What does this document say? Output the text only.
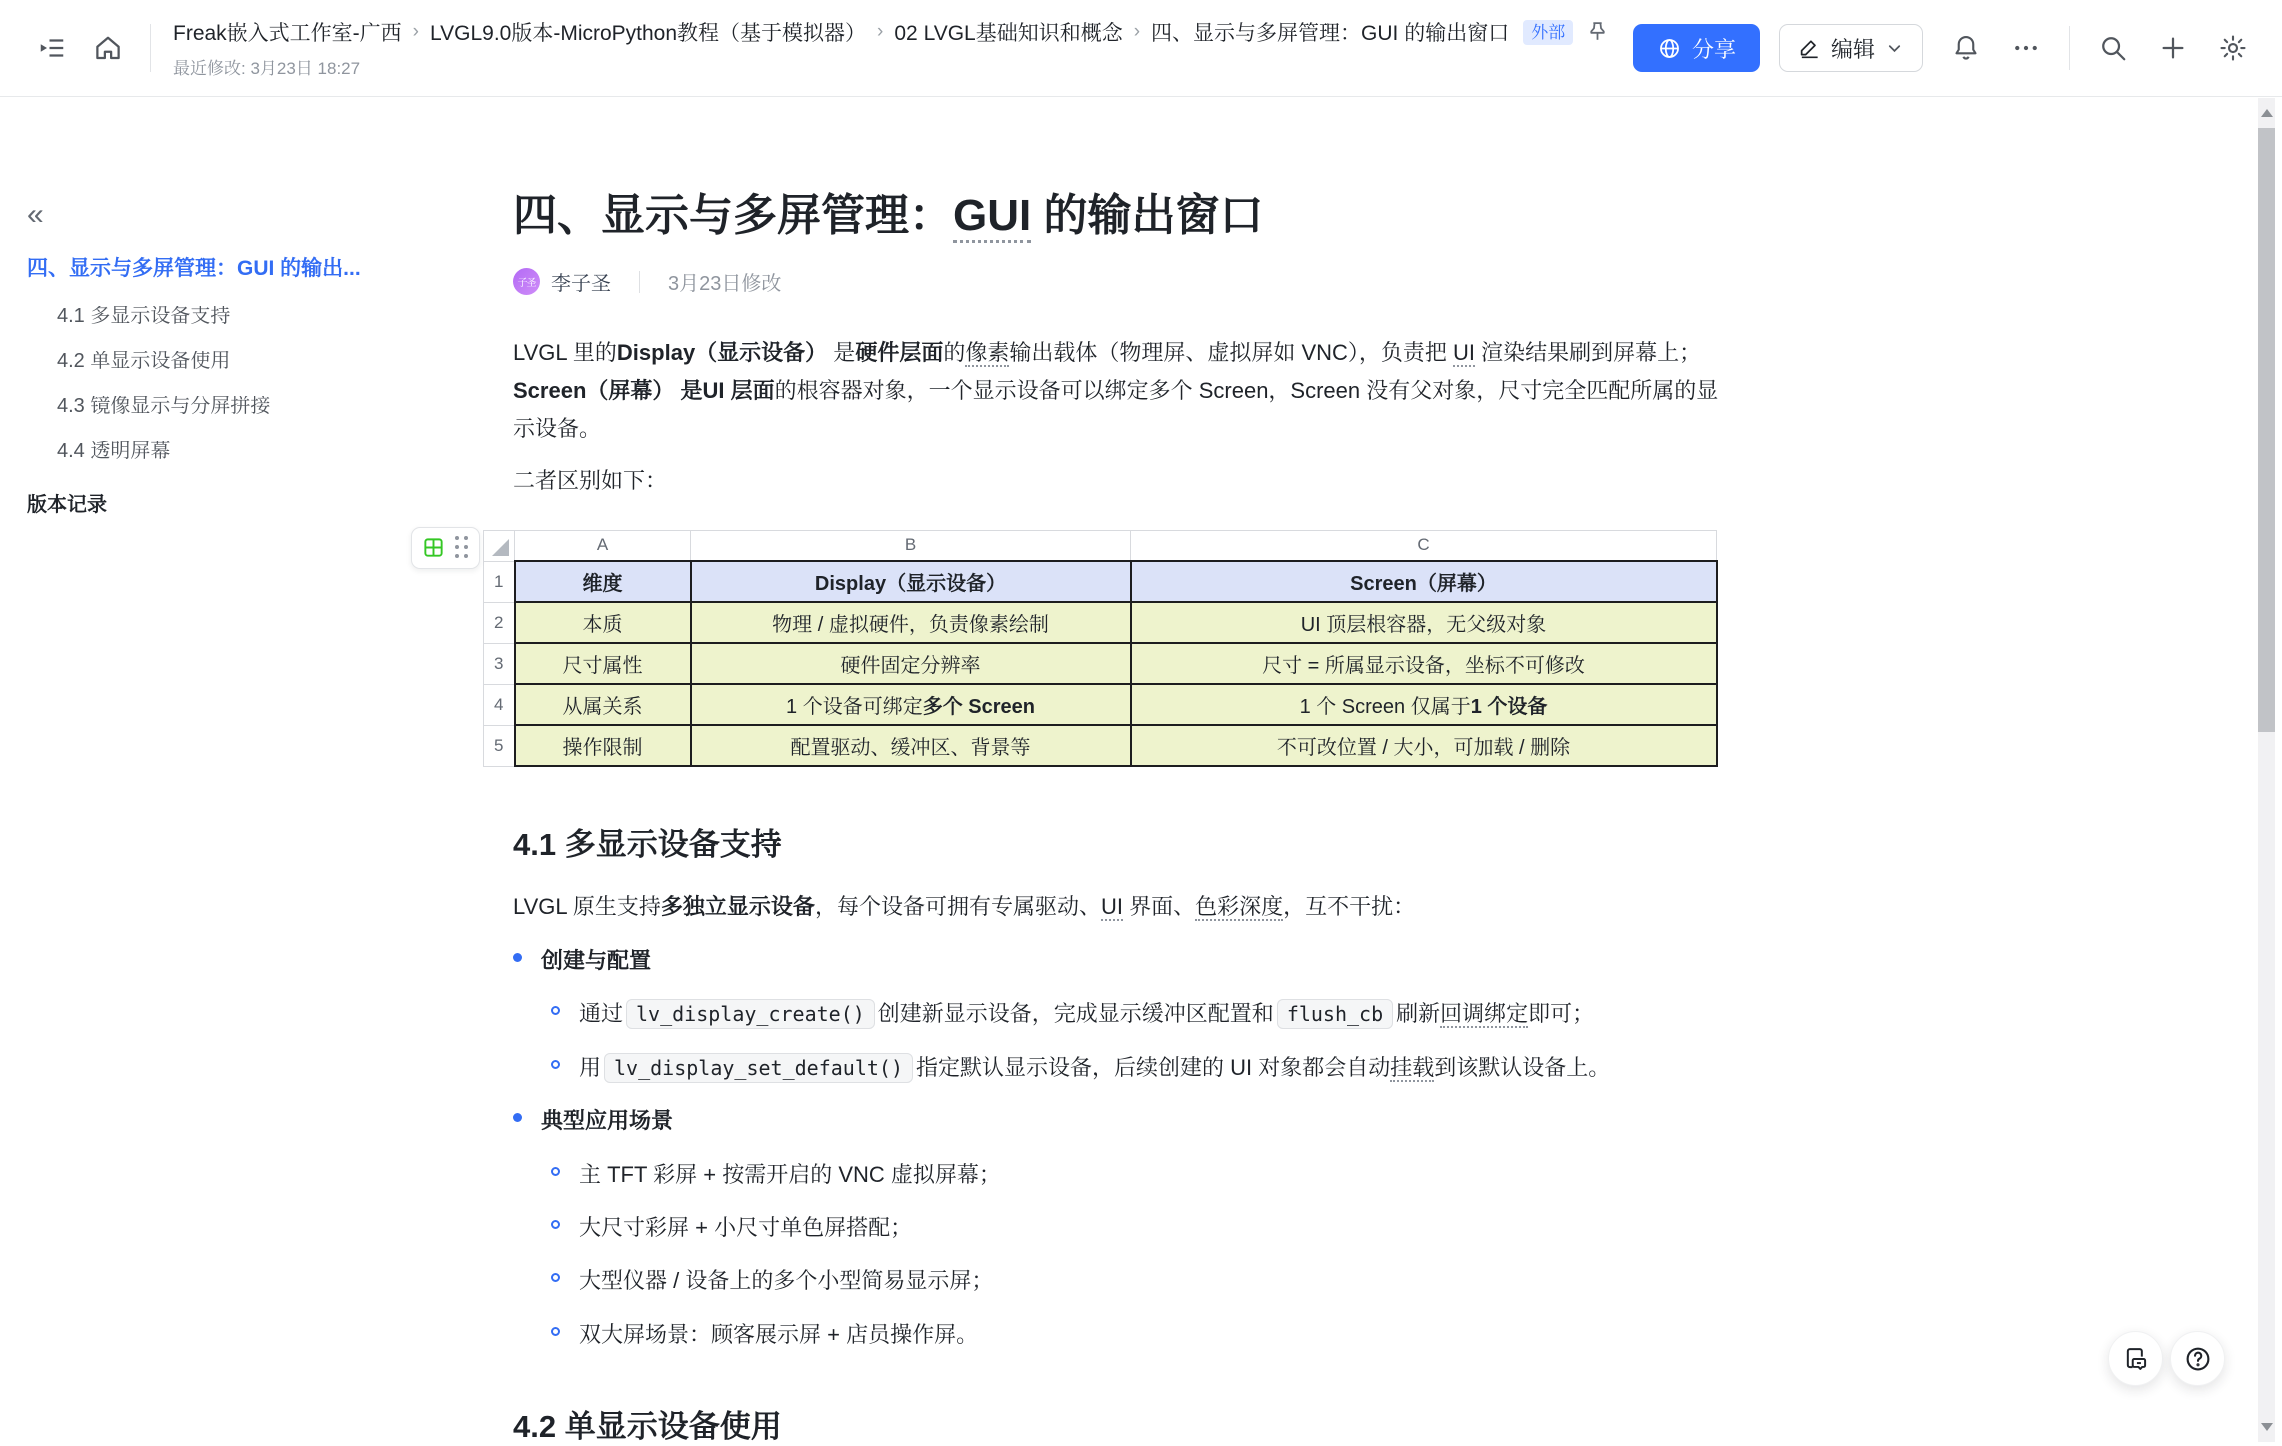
Freak嵌入式工作室-广西 › LVGL9.0版本-MicroPython教程（基于模拟器） › 02 LVGL基础知识和概念 › 四、显示与多屏管理：GUI 的输出窗口	外部
最近修改: 3月23日 18:27
分享	编辑
«
四、显示与多屏管理：GUI 的输出...
4.1 多显示设备支持
4.2 单显示设备使用
4.3 镜像显示与分屏拼接
4.4 透明屏幕
版本记录
四、显示与多屏管理：GUI 的输出窗口
子圣 李子圣	3月23日修改

LVGL 里的Display（显示设备） 是硬件层面的像素输出载体（物理屏、虚拟屏如 VNC），负责把 UI 渲染结果刷到屏幕上；Screen（屏幕） 是UI 层面的根容器对象，一个显示设备可以绑定多个 Screen，Screen 没有父对象，尺寸完全匹配所属的显示设备。

二者区别如下：

	A	B	C
1	维度	Display（显示设备）	Screen（屏幕）
2	本质	物理 / 虚拟硬件，负责像素绘制	UI 顶层根容器，无父级对象
3	尺寸属性	硬件固定分辨率	尺寸 = 所属显示设备，坐标不可修改
4	从属关系	1 个设备可绑定多个 Screen	1 个 Screen 仅属于1 个设备
5	操作限制	配置驱动、缓冲区、背景等	不可改位置 / 大小，可加载 / 删除
4.1 多显示设备支持

LVGL 原生支持多独立显示设备，每个设备可拥有专属驱动、UI 界面、色彩深度，互不干扰：

创建与配置
通过 lv_display_create() 创建新显示设备，完成显示缓冲区配置和 flush_cb 刷新回调绑定即可；
用 lv_display_set_default() 指定默认显示设备，后续创建的 UI 对象都会自动挂载到该默认设备上。
典型应用场景
主 TFT 彩屏 + 按需开启的 VNC 虚拟屏幕；
大尺寸彩屏 + 小尺寸单色屏搭配；
大型仪器 / 设备上的多个小型简易显示屏；
双大屏场景：顾客展示屏 + 店员操作屏。
4.2 单显示设备使用
